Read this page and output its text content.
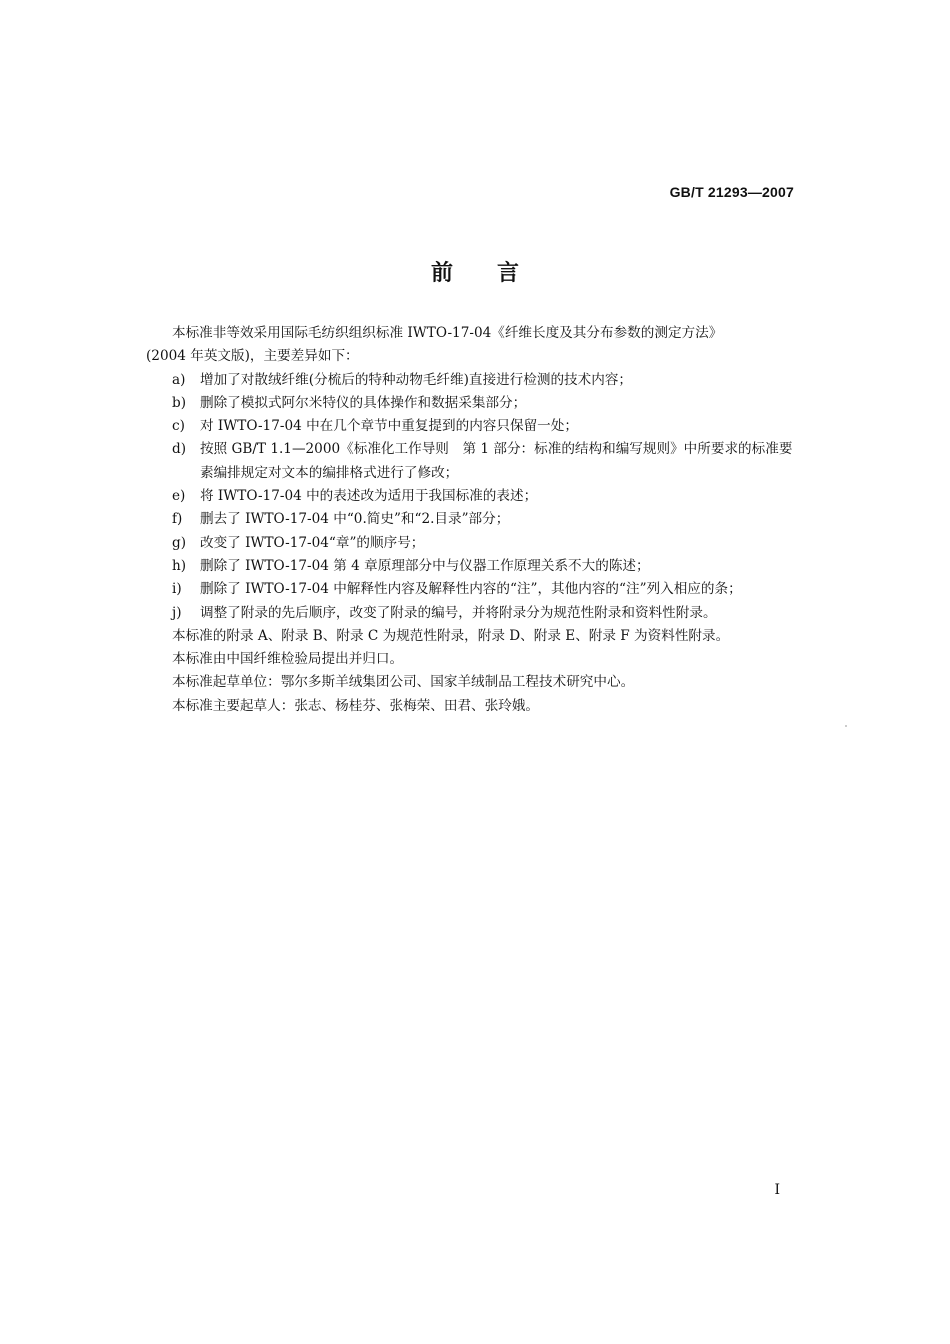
GB/T 21293—2007
前言
本标准非等效采用国际毛纺织组织标准 IWTO-17-04《纤维长度及其分布参数的测定方法》
(2004 年英文版)，主要差异如下：
a)	增加了对散绒纤维(分梳后的特种动物毛纤维)直接进行检测的技术内容；
b)	删除了模拟式阿尔米特仪的具体操作和数据采集部分；
c)	对 IWTO-17-04 中在几个章节中重复提到的内容只保留一处；
d)	按照 GB/T 1.1—2000《标准化工作导则　第 1 部分：标准的结构和编写规则》中所要求的标准要素编排规定对文本的编排格式进行了修改；
e)	将 IWTO-17-04 中的表述改为适用于我国标准的表述；
f)	删去了 IWTO-17-04 中“0.简史”和“2.目录”部分；
g)	改变了 IWTO-17-04“章”的顺序号；
h)	删除了 IWTO-17-04 第 4 章原理部分中与仪器工作原理关系不大的陈述；
i)	删除了 IWTO-17-04 中解释性内容及解释性内容的“注”，其他内容的“注”列入相应的条；
j)	调整了附录的先后顺序，改变了附录的编号，并将附录分为规范性附录和资料性附录。
本标准的附录 A、附录 B、附录 C 为规范性附录，附录 D、附录 E、附录 F 为资料性附录。
本标准由中国纤维检验局提出并归口。
本标准起草单位：鄂尔多斯羊绒集团公司、国家羊绒制品工程技术研究中心。
本标准主要起草人：张志、杨桂芬、张梅荣、田君、张玲娥。
I
